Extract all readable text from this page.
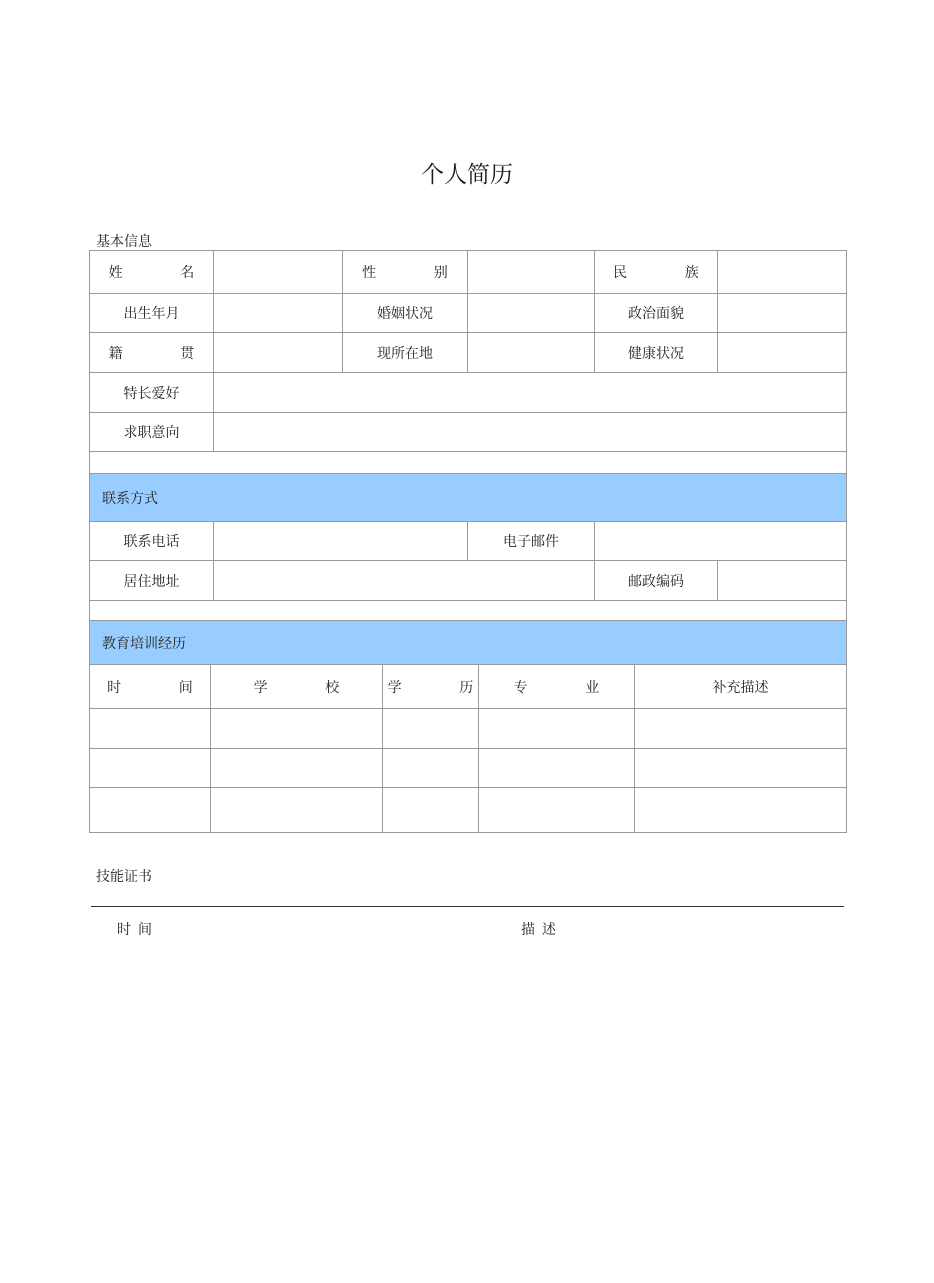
个人简历
基本信息
姓 名		性 别		民 族	
出生年月		婚姻状况		政治面貌	
籍 贯		现所在地		健康状况	
特长爱好					
求职意向					

联系方式					
联系电话			电子邮件		
居住地址				邮政编码	

教育培训经历				
时 间	学 校	学 历	专 业	补充描述

技能证书
时间	描述
